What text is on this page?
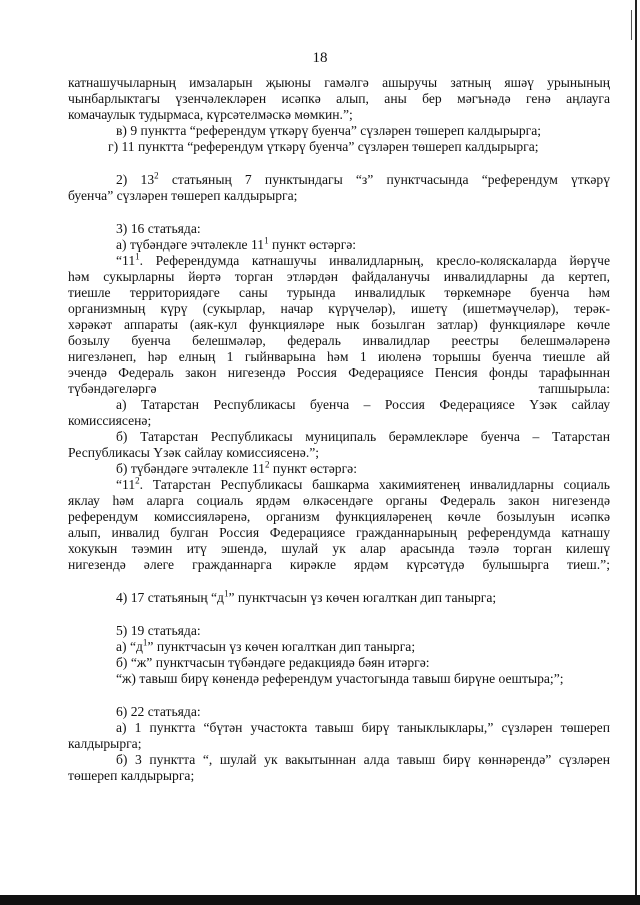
18

катнашучыларның имзаларын җыюны гамәлгә ашыручы затның яшәү урынының

чынбарлыктагы үзенчәлекләрен исәпкә алып, аны бер мәгънәдә генә аңлауга

комачаулык тудырмаса, күрсәтелмәскә мөмкин.”;

в) 9 пунктта “референдум үткәрү буенча” сүзләрен төшереп калдырырга;

г) 11 пунктта “референдум үткәрү буенча” сүзләрен төшереп калдырырга;

2) $13^2$ статьяның 7 пунктындагы “з” пунктчасында “референдум үткәрү

буенча” сүзләрен төшереп калдырырга;

3) 16 статьяда:

а) түбәндәге эчтәлекле $11^1$ пункт өстәргә:

“$11^1$. Референдумда катнашучы инвалидларның, кресло-коляскаларда йөрүче

һәм сукырларны йөртә торган этләрдән файдаланучы инвалидларны да кертеп,

тиешле территориядәге саны турында инвалидлык төркемнәре буенча һәм

организмның күрү (сукырлар, начар күрүчеләр), ишетү (ишетмәүчеләр), терәк-

хәрәкәт аппараты (аяк-кул функцияләре нык бозылган затлар) функцияләре көчле

бозылу буенча белешмәләр, федераль инвалидлар реестры белешмәләренә

нигезләнеп, һәр елның 1 гыйнварына һәм 1 июленә торышы буенча тиешле ай

эчендә Федераль закон нигезендә Россия Федерациясе Пенсия фонды тарафыннан

түбәндәгеләргә тапшырыла:

а) Татарстан Республикасы буенча – Россия Федерациясе Үзәк сайлау

комиссиясенә;

б) Татарстан Республикасы муниципаль берәмлекләре буенча – Татарстан

Республикасы Үзәк сайлау комиссиясенә.”;

б) түбәндәге эчтәлекле $11^2$ пункт өстәргә:

“$11^2$. Татарстан Республикасы башкарма хакимиятенең инвалидларны социаль

яклау һәм аларга социаль ярдәм өлкәсендәге органы Федераль закон нигезендә

референдум комиссияләренә, организм функцияләренең көчле бозылуын исәпкә

алып, инвалид булган Россия Федерациясе гражданнарының референдумда катнашу

хокукын тәэмин итү эшендә, шулай ук алар арасында тәэлә торган килешү

нигезендә әлеге гражданнарга кирәкле ярдәм күрсәтүдә булышырга тиеш.”;

4) 17 статьяның “$д^1$” пунктчасын үз көчен югалткан дип танырга;

5) 19 статьяда:

а) “$д^1$” пунктчасын үз көчен югалткан дип танырга;

б) “ж” пунктчасын түбәндәге редакциядә бәян итәргә:

“ж) тавыш бирү көнендә референдум участогында тавыш бирүне оештыра;”;

6) 22 статьяда:

а) 1 пунктта “бүтән участокта тавыш бирү таныклыклары,” сүзләрен төшереп

калдырырга;

б) 3 пунктта “, шулай ук вакытыннан алда тавыш бирү көннәрендә” сүзләрен

төшереп калдырырга;
